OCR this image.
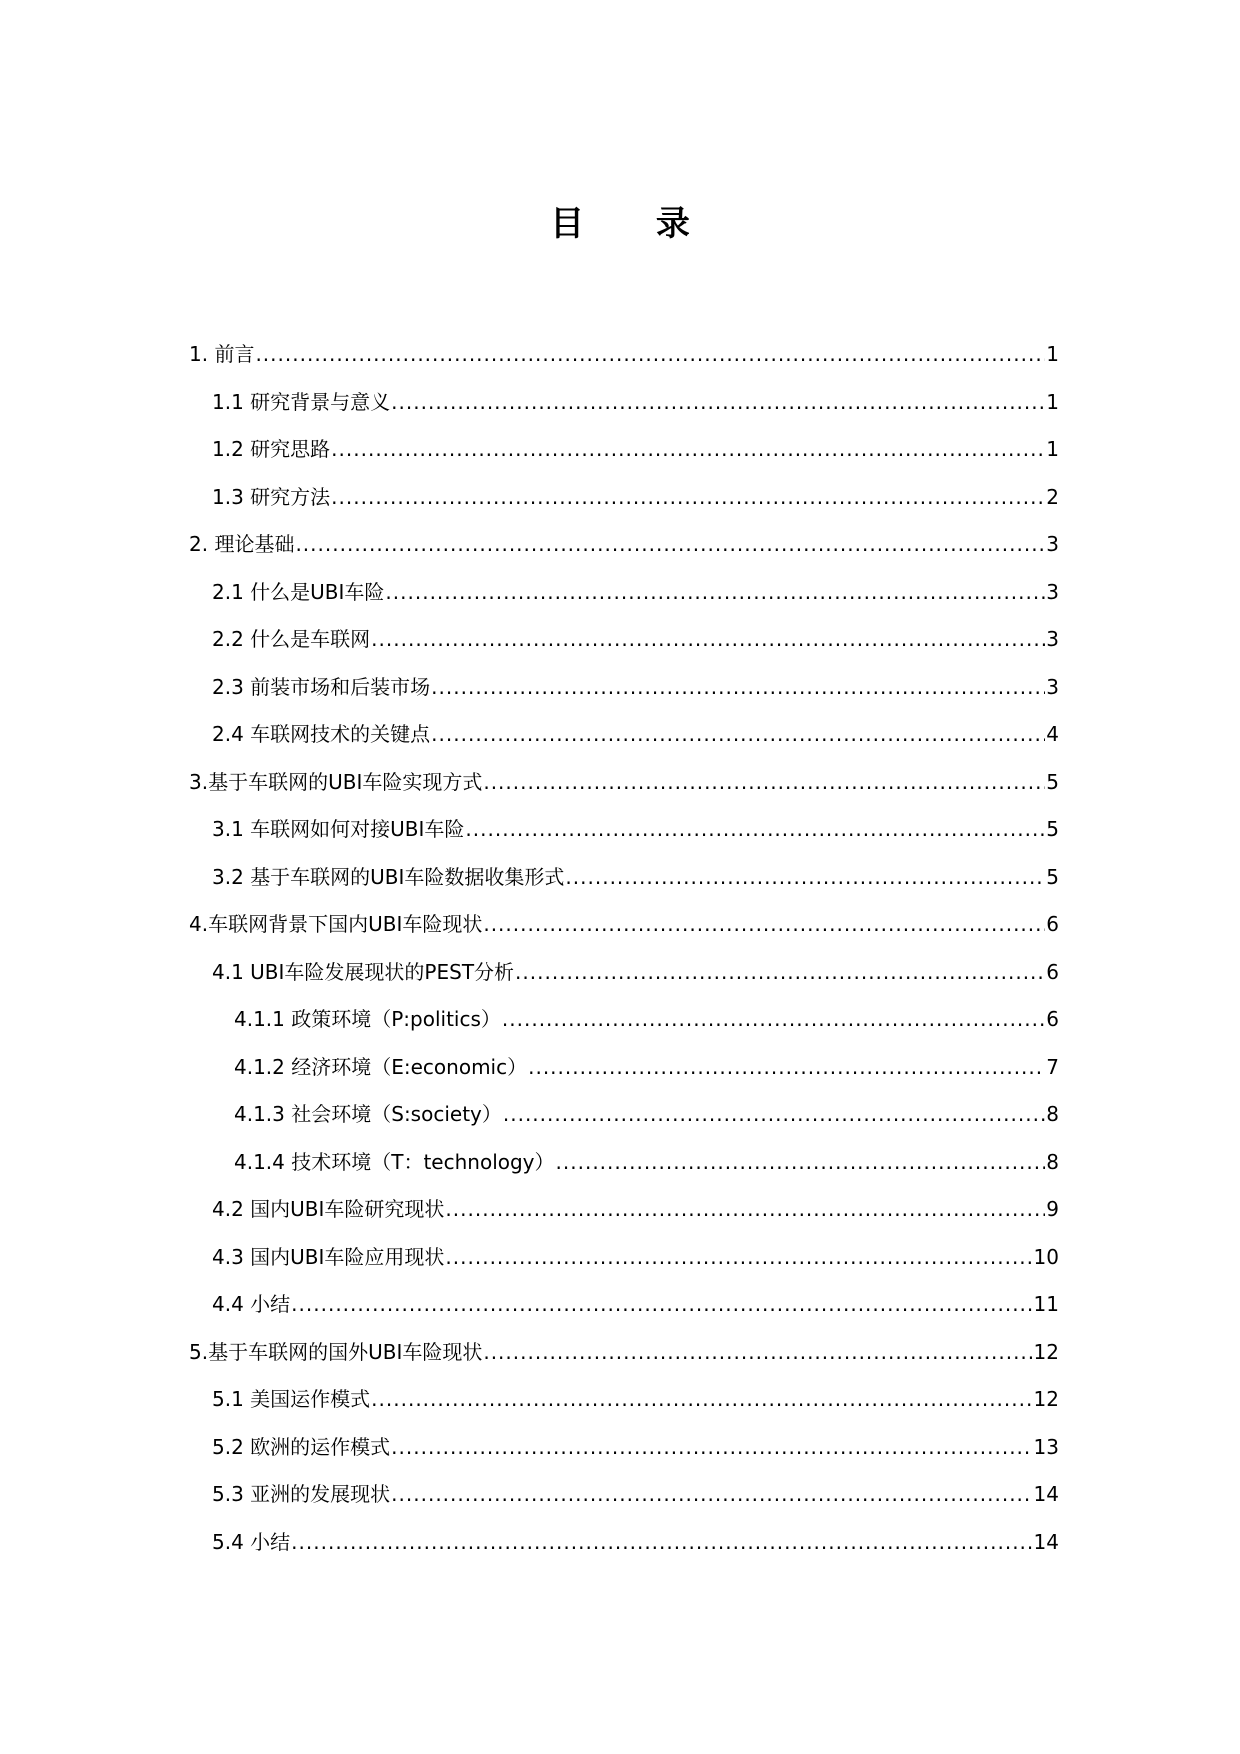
目 录
1. 前言 .....	1
1.1 研究背景与意义 .....	1
1.2 研究思路 .....	1
1.3 研究方法 .....	2
2. 理论基础 .....	3
2.1 什么是UBI车险 .....	3
2.2 什么是车联网 .....	3
2.3 前装市场和后装市场 .....	3
2.4 车联网技术的关键点 .....	4
3.基于车联网的UBI车险实现方式 .....	5
3.1 车联网如何对接UBI车险 .....	5
3.2 基于车联网的UBI车险数据收集形式 .....	5
4.车联网背景下国内UBI车险现状 .....	6
4.1 UBI车险发展现状的PEST分析 .....	6
4.1.1 政策环境（P:politics） .....	6
4.1.2 经济环境（E:economic） .....	7
4.1.3 社会环境（S:society） .....	8
4.1.4 技术环境（T：technology） .....	8
4.2 国内UBI车险研究现状 .....	9
4.3 国内UBI车险应用现状 .....	10
4.4 小结 .....	11
5.基于车联网的国外UBI车险现状 .....	12
5.1 美国运作模式 .....	12
5.2 欧洲的运作模式 .....	13
5.3 亚洲的发展现状 .....	14
5.4 小结 .....	14
